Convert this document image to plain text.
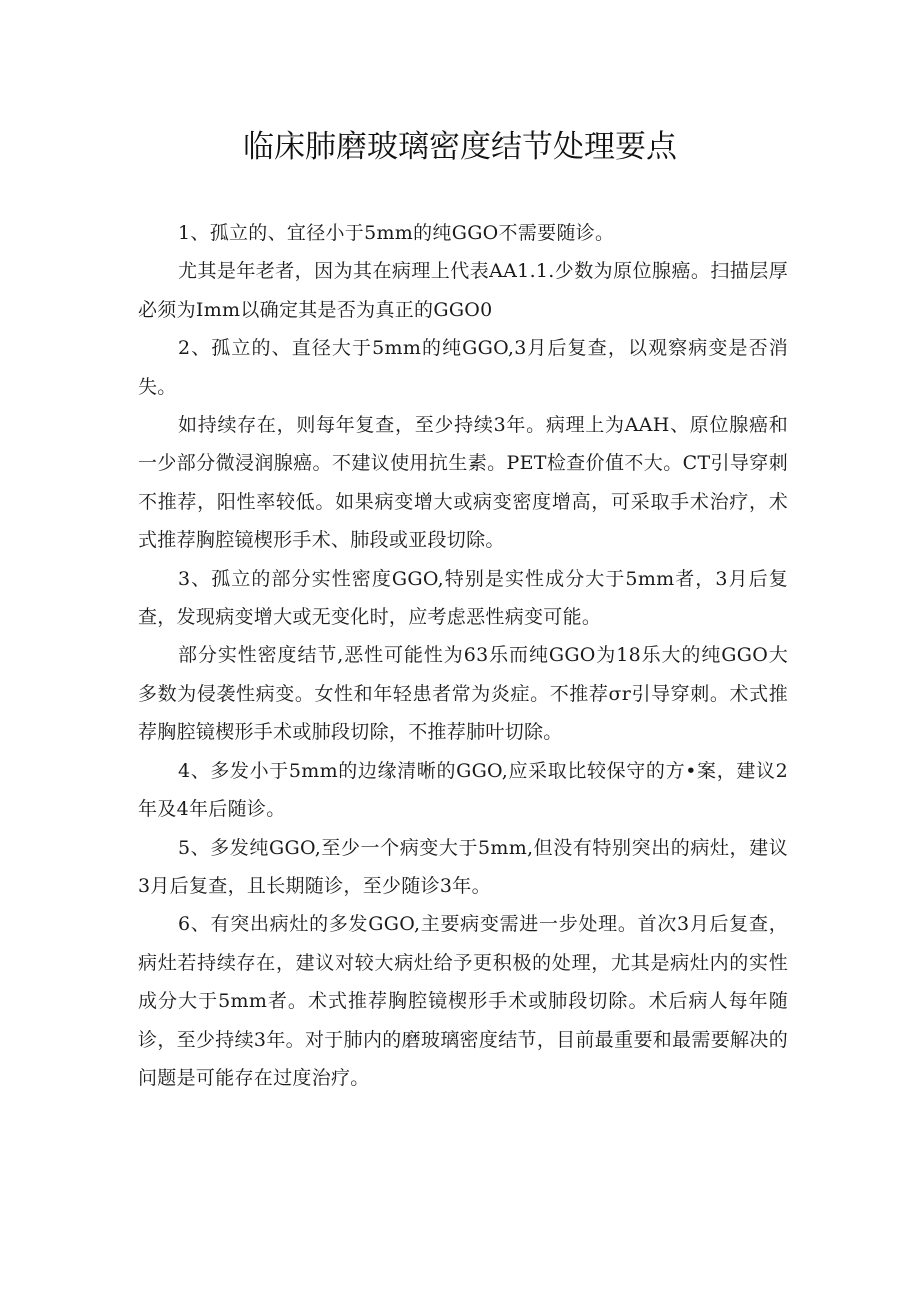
临床肺磨玻璃密度结节处理要点

1、孤立的、宜径小于5mm的纯GGO不需要随诊。

尤其是年老者，因为其在病理上代表AA1.1.少数为原位腺癌。扫描层厚必须为Imm以确定其是否为真正的GGO0

2、孤立的、直径大于5mm的纯GGO,3月后复查，以观察病变是否消失。

如持续存在，则每年复查，至少持续3年。病理上为AAH、原位腺癌和一少部分微浸润腺癌。不建议使用抗生素。PET检查价值不大。CT引导穿刺不推荐，阳性率较低。如果病变增大或病变密度增高，可采取手术治疗，术式推荐胸腔镜楔形手术、肺段或亚段切除。

3、孤立的部分实性密度GGO,特别是实性成分大于5mm者，3月后复查，发现病变增大或无变化时，应考虑恶性病变可能。

部分实性密度结节,恶性可能性为63乐而纯GGO为18乐大的纯GGO大多数为侵袭性病变。女性和年轻患者常为炎症。不推荐σr引导穿刺。术式推荐胸腔镜楔形手术或肺段切除，不推荐肺叶切除。

4、多发小于5mm的边缘清晰的GGO,应采取比较保守的方•案，建议2年及4年后随诊。

5、多发纯GGO,至少一个病变大于5mm,但没有特别突出的病灶，建议3月后复查，且长期随诊，至少随诊3年。

6、有突出病灶的多发GGO,主要病变需进一步处理。首次3月后复查，病灶若持续存在，建议对较大病灶给予更积极的处理，尤其是病灶内的实性成分大于5mm者。术式推荐胸腔镜楔形手术或肺段切除。术后病人每年随诊，至少持续3年。对于肺内的磨玻璃密度结节，目前最重要和最需要解决的问题是可能存在过度治疗。
